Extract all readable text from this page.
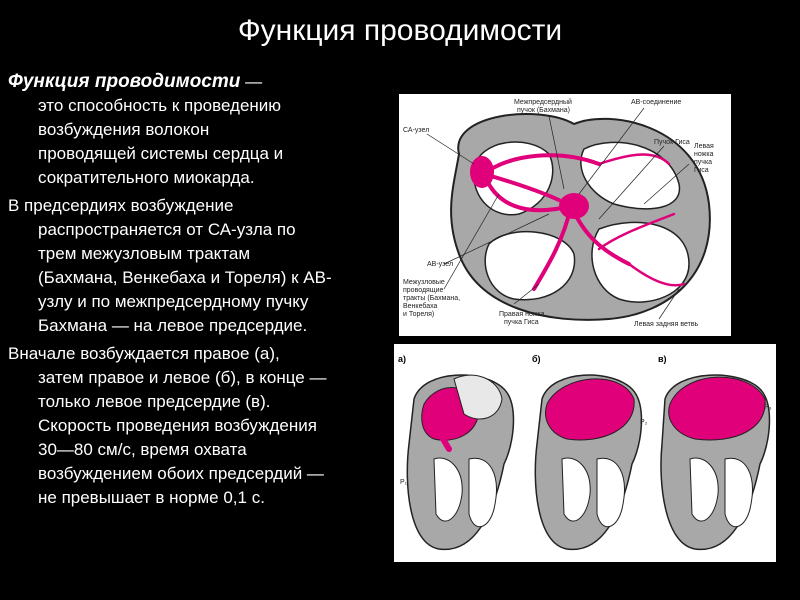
Функция проводимости
Функция проводимости —
это способность к проведению
возбуждения волокон
проводящей системы сердца и
сократительного миокарда.
В предсердиях возбуждение
распространяется от СА-узла по
трем межузловым трактам
(Бахмана, Венкебаха и Тореля) к АВ-
узлу и по межпредсердному пучку
Бахмана — на левое предсердие.
Вначале возбуждается правое (а),
затем правое и левое (б), в конце —
только левое предсердие (в).
Скорость проведения возбуждения
30—80 см/с, время охвата
возбуждением обоих предсердий —
не превышает в норме 0,1 с.
Межпредсердный
пучок (Бахмана)
АВ-соединение
СА-узел
Пучок Гиса
Левая
ножка
пучка
Гиса
АВ-узел
Межузловые
проводящие
тракты (Бахмана,
Венкебаха
и Тореля)	Правая ножка
пучка Гиса	Левая задняя ветвь
а)	б)	в)
P₁
P₂
P₃
